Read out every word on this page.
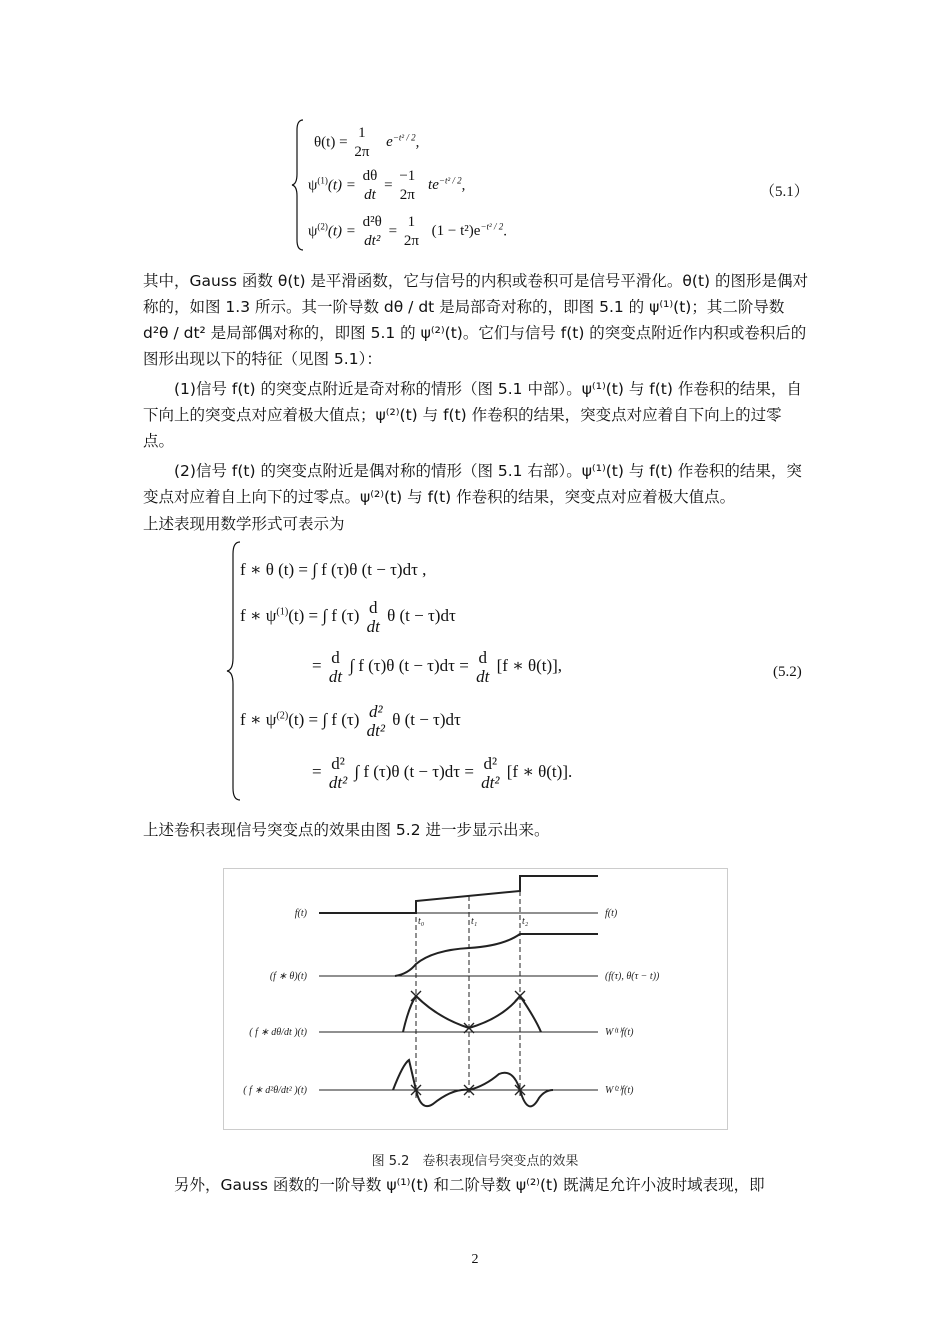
θ(t) =
1
2π
$e^{-t^2 / 2}$,
$\psi^{(1)}(t)$ =
dθ
dt
=
−1
2π
$te^{-t^2 / 2}$,
$\psi^{(2)}(t)$ =
d²θ
dt²
=
1
2π
$(1 - t^2)e^{-t^2 / 2}$.
（5.1）
其中，Gauss 函数 θ(t) 是平滑函数，它与信号的内积或卷积可是信号平滑化。θ(t) 的图形是偶对称的，如图 1.3 所示。其一阶导数 dθ / dt 是局部奇对称的，即图 5.1 的 ψ⁽¹⁾(t)；其二阶导数 d²θ / dt² 是局部偶对称的，即图 5.1 的 ψ⁽²⁾(t)。它们与信号 f(t) 的突变点附近作内积或卷积后的图形出现以下的特征（见图 5.1）：
(1)信号 f(t) 的突变点附近是奇对称的情形（图 5.1 中部）。ψ⁽¹⁾(t) 与 f(t) 作卷积的结果，自下向上的突变点对应着极大值点；ψ⁽²⁾(t) 与 f(t) 作卷积的结果，突变点对应着自下向上的过零点。
(2)信号 f(t) 的突变点附近是偶对称的情形（图 5.1 右部）。ψ⁽¹⁾(t) 与 f(t) 作卷积的结果，突变点对应着自上向下的过零点。ψ⁽²⁾(t) 与 f(t) 作卷积的结果，突变点对应着极大值点。
上述表现用数学形式可表示为
f ∗ θ (t) = ∫ f (τ)θ (t − τ)dτ ,
f ∗ $\psi^{(1)}(t)$ = ∫ f (τ) d
dt
θ (t − τ)dτ
= d
dt
∫ f (τ)θ (t − τ)dτ = d
dt
[f ∗ θ(t)],	(5.2)
f ∗ $\psi^{(2)}(t)$ = ∫ f (τ) d²
dt²
θ (t − τ)dτ
= d²
dt²
∫ f (τ)θ (t − τ)dτ = d²
dt²
[f ∗ θ(t)].
上述卷积表现信号突变点的效果由图 5.2 进一步显示出来。
f(t)
(f ∗ θ)(t)
( f ∗ dθ/dt )(t)
( f ∗ d²θ/dt² )(t)
f(t)
(f(τ), θ(τ − t))
W⁽¹⁾f(t)
W⁽²⁾f(t)
t₀	t₁	t₂
图 5.2　卷积表现信号突变点的效果
另外，Gauss 函数的一阶导数 ψ⁽¹⁾(t) 和二阶导数 ψ⁽²⁾(t) 既满足允许小波时域表现，即
2
